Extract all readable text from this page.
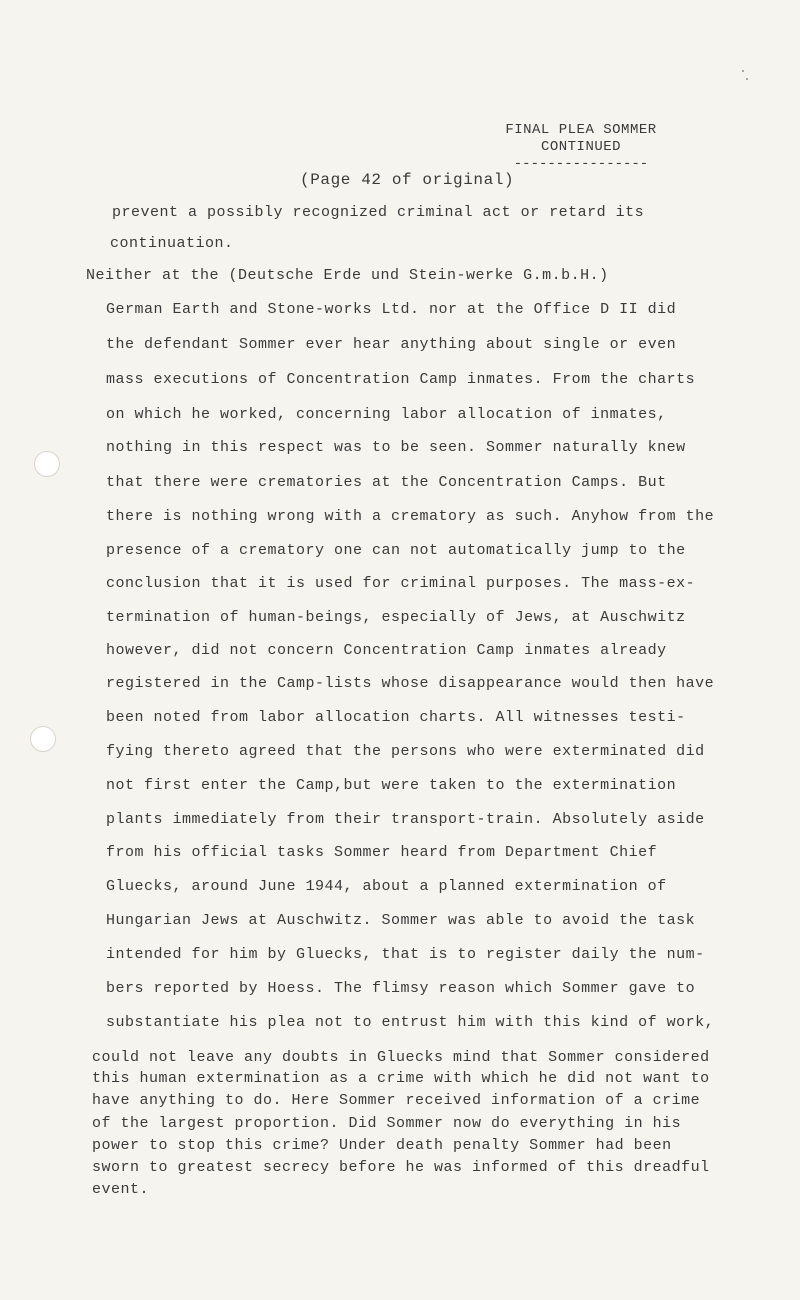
FINAL PLEA SOMMER
CONTINUED
----------------
(Page 42 of original)
prevent a possibly recognized criminal act or retard its
continuation.
Neither at the (Deutsche Erde und Stein-werke G.m.b.H.)
German Earth and Stone-works Ltd. nor at the Office D II did
the defendant Sommer ever hear anything about single or even
mass executions of Concentration Camp inmates. From the charts
on which he worked, concerning labor allocation of inmates,
nothing in this respect was to be seen. Sommer naturally knew
that there were crematories at the Concentration Camps. But
there is nothing wrong with a crematory as such. Anyhow from the
presence of a crematory one can not automatically jump to the
conclusion that it is used for criminal purposes. The mass-ex-
termination of human-beings, especially of Jews, at Auschwitz
however, did not concern Concentration Camp inmates already
registered in the Camp-lists whose disappearance would then have
been noted from labor allocation charts. All witnesses testi-
fying thereto agreed that the persons who were exterminated did
not first enter the Camp,but were taken to the extermination
plants immediately from their transport-train. Absolutely aside
from his official tasks Sommer heard from Department Chief
Gluecks, around June 1944, about a planned extermination of
Hungarian Jews at Auschwitz. Sommer was able to avoid the task
intended for him by Gluecks, that is to register daily the num-
bers reported by Hoess. The flimsy reason which Sommer gave to
substantiate his plea not to entrust him with this kind of work,
could not leave any doubts in Gluecks mind that Sommer considered
this human extermination as a crime with which he did not want to
have anything to do. Here Sommer received information of a crime
of the largest proportion. Did Sommer now do everything in his
power to stop this crime? Under death penalty Sommer had been
sworn to greatest secrecy before he was informed of this dreadful
event.
